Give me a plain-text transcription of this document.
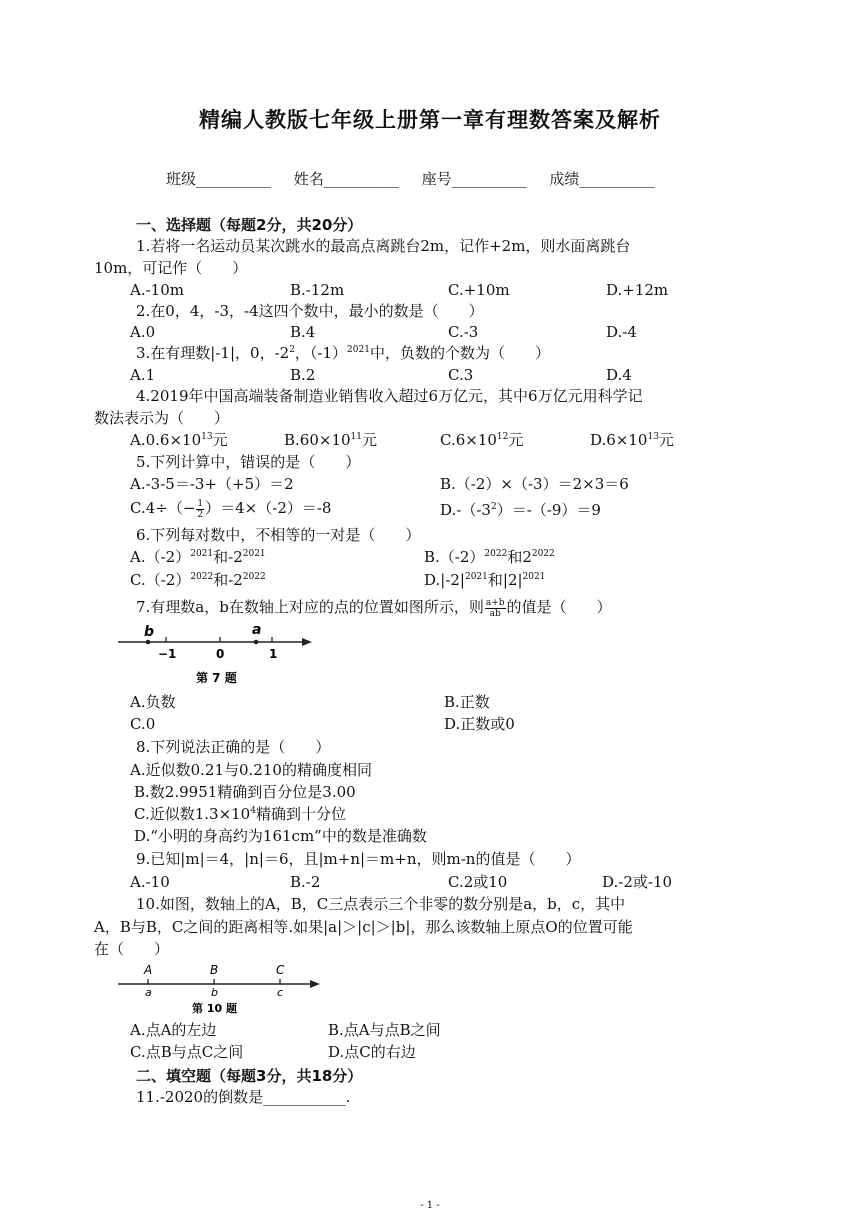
精编人教版七年级上册第一章有理数答案及解析
班级__________ 姓名__________ 座号__________ 成绩__________
一、选择题（每题2分，共20分）
1.若将一名运动员某次跳水的最高点离跳台2m，记作+2m，则水面离跳台
10m，可记作（　　）
A.-10m	B.-12m	C.+10m	D.+12m
2.在0，4，-3，-4这四个数中，最小的数是（　　）
A.0	B.4	C.-3	D.-4
3.在有理数|-1|，0，$-2^2$，$(-1)^{2021}$中，负数的个数为（　　）
A.1	B.2	C.3	D.4
4.2019年中国高端装备制造业销售收入超过6万亿元，其中6万亿元用科学记
数法表示为（　　）
$A.0.6\times 10^{13}$元	$B.60\times 10^{11}$元	$C.6\times 10^{12}$元	$D.6\times 10^{13}$元
5.下列计算中，错误的是（　　）
A.-3-5＝-3+（+5）＝2	B.（-2）×（-3）＝2×3＝6
$C.4\div(- \frac{1}{2} )=4\times(-2)=-8$	$D.-(-3^2)=-(-9)=9$
6.下列每对数中，不相等的一对是（　　）
$A.(-2)^{2021}$和$-2^{2021}$	$B.(-2)^{2022}$和$2^{2022}$
$C.(-2)^{2022}$和$-2^{2022}$	$D.|-2|^{2021}$和$|2|^{2021}$
7.有理数a，b在数轴上对应的点的位置如图所示，则 $\frac{a+b}{ab}$ 的值是（　　）
b	a
−1	0	1
第 7 题
A.负数	B.正数
C.0	D.正数或0
8.下列说法正确的是（　　）
A.近似数0.21与0.210的精确度相同
B.数2.9951精确到百分位是3.00
C.近似数$1.3\times 10^4$精确到十分位
D.“小明的身高约为161cm”中的数是准确数
9.已知|m|＝4，|n|＝6，且|m+n|＝m+n，则m-n的值是（　　）
A.-10	B.-2	C.2或10	D.-2或-10
10.如图，数轴上的A，B，C三点表示三个非零的数分别是a，b，c，其中
A，B与B，C之间的距离相等.如果|a|＞|c|＞|b|，那么该数轴上原点O的位置可能
在（　　）
A	B	C
a	b	c
第 10 题
A.点A的左边	B.点A与点B之间
C.点B与点C之间	D.点C的右边
二、填空题（每题3分，共18分）
11.-2020的倒数是___________.
- 1 -
